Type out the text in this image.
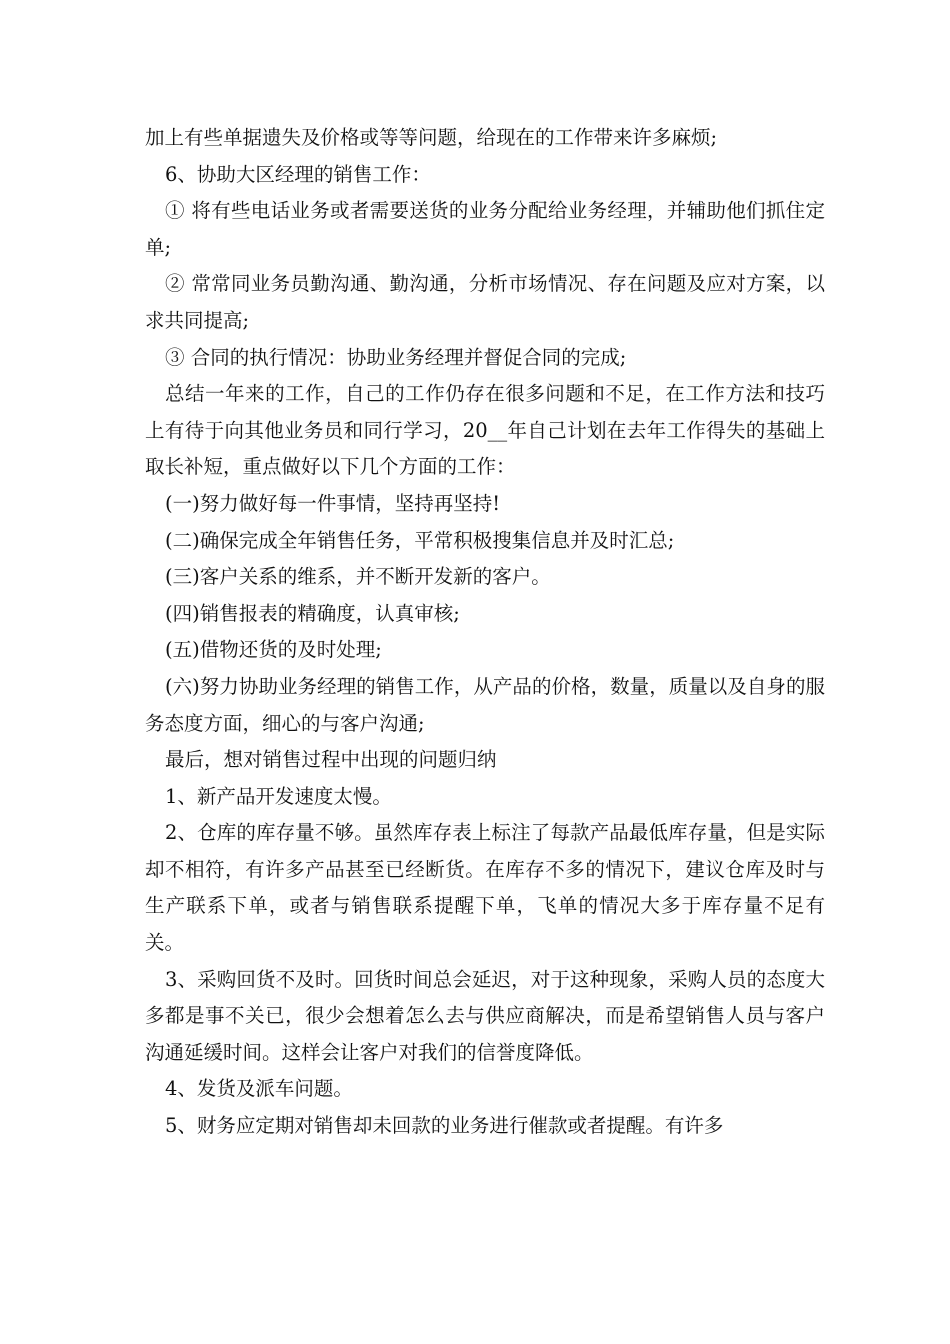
加上有些单据遗失及价格或等等问题，给现在的工作带来许多麻烦;

6、协助大区经理的销售工作：

① 将有些电话业务或者需要送货的业务分配给业务经理，并辅助他们抓住定单;

② 常常同业务员勤沟通、勤沟通，分析市场情况、存在问题及应对方案，以求共同提高;

③ 合同的执行情况：协助业务经理并督促合同的完成;

总结一年来的工作，自己的工作仍存在很多问题和不足，在工作方法和技巧上有待于向其他业务员和同行学习，20__年自己计划在去年工作得失的基础上取长补短，重点做好以下几个方面的工作：

(一)努力做好每一件事情，坚持再坚持!

(二)确保完成全年销售任务，平常积极搜集信息并及时汇总;

(三)客户关系的维系，并不断开发新的客户。

(四)销售报表的精确度，认真审核;

(五)借物还货的及时处理;

(六)努力协助业务经理的销售工作，从产品的价格，数量，质量以及自身的服务态度方面，细心的与客户沟通;

最后，想对销售过程中出现的问题归纳

1、新产品开发速度太慢。

2、仓库的库存量不够。虽然库存表上标注了每款产品最低库存量，但是实际却不相符，有许多产品甚至已经断货。在库存不多的情况下，建议仓库及时与生产联系下单，或者与销售联系提醒下单，飞单的情况大多于库存量不足有关。

3、采购回货不及时。回货时间总会延迟，对于这种现象，采购人员的态度大多都是事不关已，很少会想着怎么去与供应商解决，而是希望销售人员与客户沟通延缓时间。这样会让客户对我们的信誉度降低。

4、发货及派车问题。

5、财务应定期对销售却未回款的业务进行催款或者提醒。有许多
